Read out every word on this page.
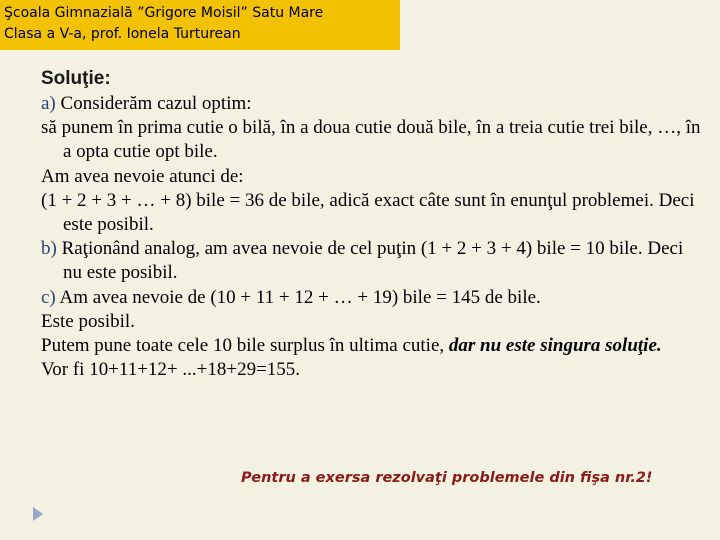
Şcoala Gimnazială ”Grigore Moisil” Satu Mare
Clasa a V-a, prof. Ionela Turturean

Soluţie:

a) Considerăm cazul optim:

să punem în prima cutie o bilă, în a doua cutie două bile, în a treia cutie trei bile, …, în a opta cutie opt bile.

Am avea nevoie atunci de:

(1 + 2 + 3 + … + 8) bile = 36 de bile, adică exact câte sunt în enunţul problemei. Deci este posibil.

b) Raţionând analog, am avea nevoie de cel puţin (1 + 2 + 3 + 4) bile = 10 bile. Deci nu este posibil.

c) Am avea nevoie de (10 + 11 + 12 + … + 19) bile = 145 de bile.

Este posibil.

Putem pune toate cele 10 bile surplus în ultima cutie, dar nu este singura soluţie.

Vor fi 10+11+12+ ...+18+29=155.

Pentru a exersa rezolvaţi problemele din fişa nr.2!
